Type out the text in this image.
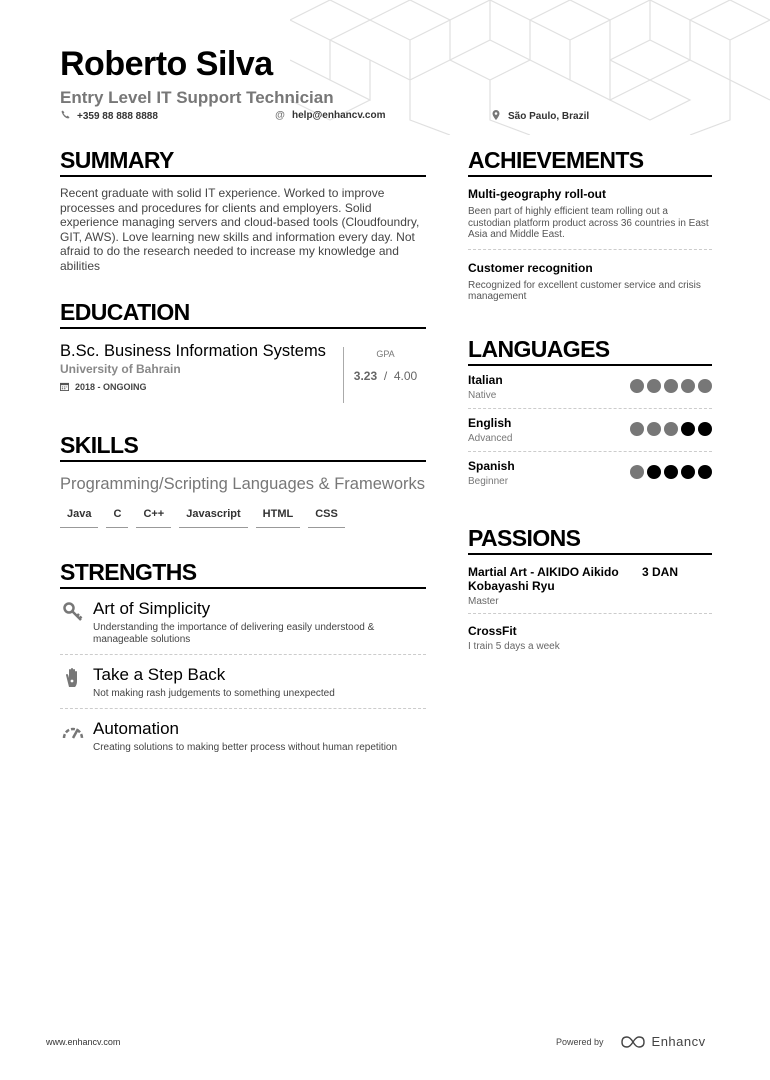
Roberto Silva
Entry Level IT Support Technician
+359 88 888 8888	@ help@enhancv.com	São Paulo, Brazil
SUMMARY
Recent graduate with solid IT experience. Worked to improve processes and procedures for clients and employers. Solid experience managing servers and cloud-based tools (Cloudfoundry, GIT, AWS). Love learning new skills and information every day. Not afraid to do the research needed to increase my knowledge and abilities
EDUCATION
B.Sc. Business Information Systems
University of Bahrain
2018 - ONGOING
GPA
3.23 / 4.00
SKILLS
Programming/Scripting Languages & Frameworks
Java	C	C++	Javascript	HTML	CSS
STRENGTHS
Art of Simplicity
Understanding the importance of delivering easily understood & manageable solutions
Take a Step Back
Not making rash judgements to something unexpected
Automation
Creating solutions to making better process without human repetition
ACHIEVEMENTS
Multi-geography roll-out
Been part of highly efficient team rolling out a custodian platform product across 36 countries in East Asia and Middle East.
Customer recognition
Recognized for excellent customer service and crisis management
LANGUAGES
Italian
Native
English
Advanced
Spanish
Beginner
PASSIONS
Martial Art - AIKIDO Aikido Kobayashi Ryu
3 DAN
Master
CrossFit
I train 5 days a week
www.enhancv.com	Powered by	Enhancv
